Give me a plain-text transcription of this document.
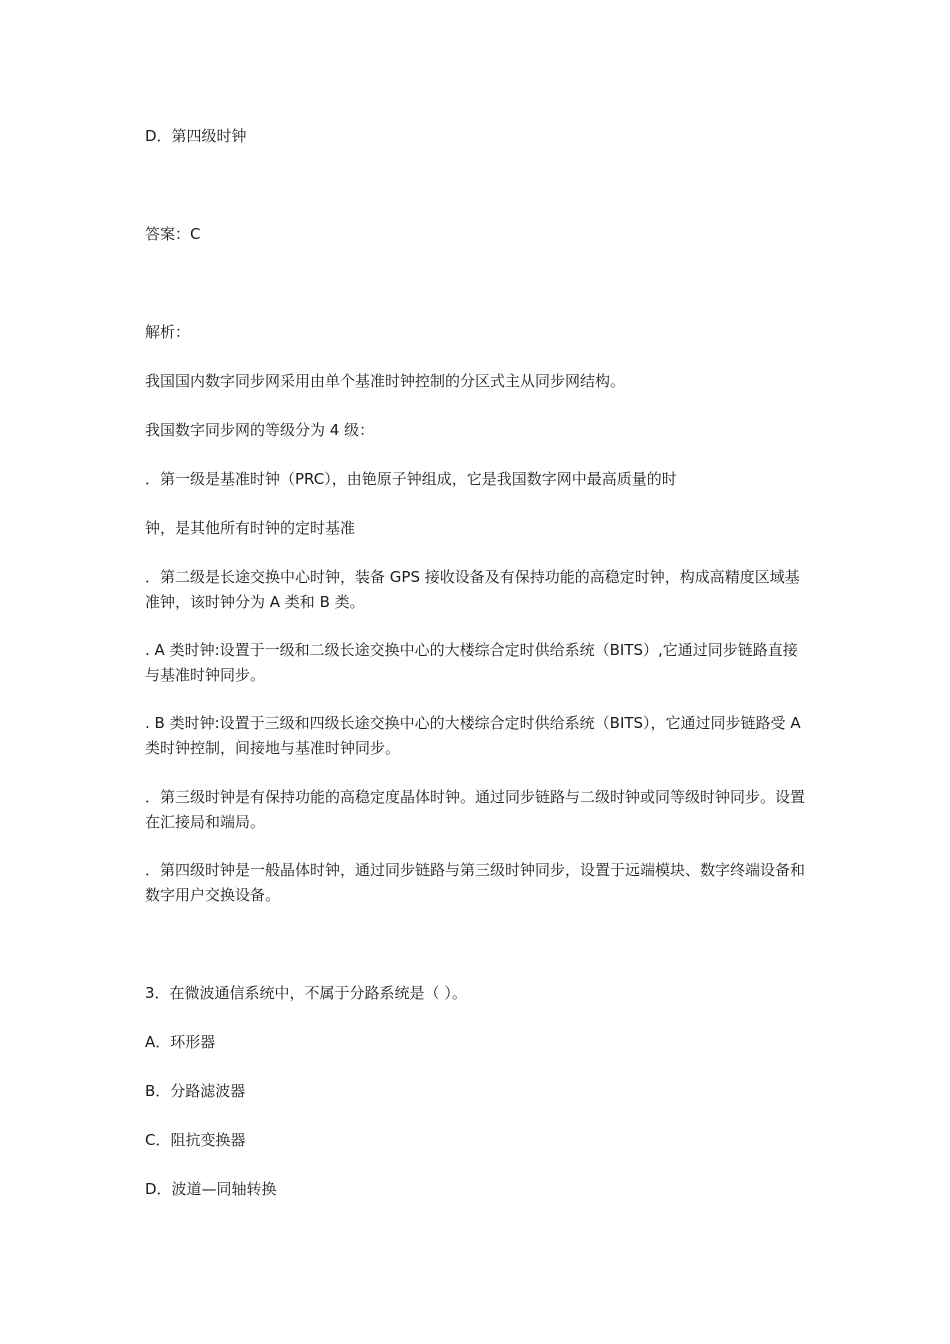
D．第四级时钟
答案：C
解析：
我国国内数字同步网采用由单个基准时钟控制的分区式主从同步网结构。
我国数字同步网的等级分为 4 级：
．第一级是基准时钟（PRC），由铯原子钟组成，它是我国数字网中最高质量的时
钟，是其他所有时钟的定时基准
．第二级是长途交换中心时钟，装备 GPS 接收设备及有保持功能的高稳定时钟，构成高精度区域基准钟，该时钟分为 A 类和 B 类。
. A 类时钟:设置于一级和二级长途交换中心的大楼综合定时供给系统（BITS）,它通过同步链路直接与基准时钟同步。
. B 类时钟:设置于三级和四级长途交换中心的大楼综合定时供给系统（BITS），它通过同步链路受 A 类时钟控制，间接地与基准时钟同步。
．第三级时钟是有保持功能的高稳定度晶体时钟。通过同步链路与二级时钟或同等级时钟同步。设置在汇接局和端局。
．第四级时钟是一般晶体时钟，通过同步链路与第三级时钟同步，设置于远端模块、数字终端设备和数字用户交换设备。
3．在微波通信系统中，不属于分路系统是（ ）。
A．环形器
B．分路滤波器
C．阻抗变换器
D．波道—同轴转换
